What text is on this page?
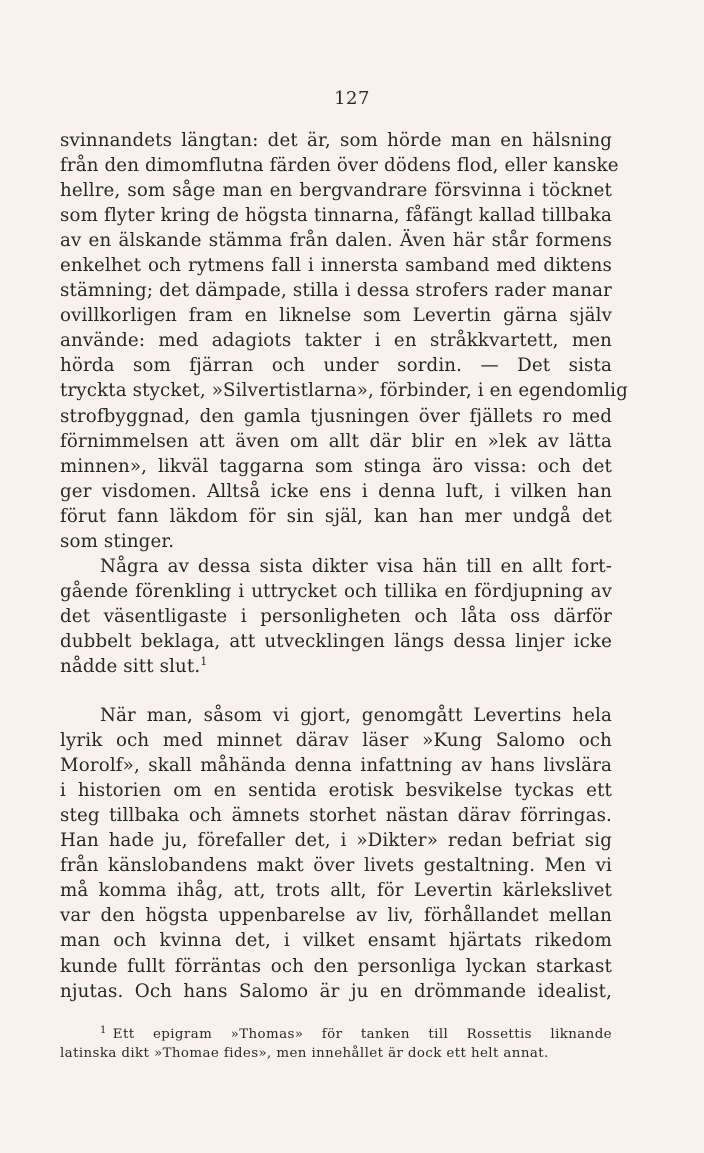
127
svinnandets längtan: det är, som hörde man en hälsning
från den dimomflutna färden över dödens flod, eller kanske
hellre, som såge man en bergvandrare försvinna i töcknet
som flyter kring de högsta tinnarna, fåfängt kallad tillbaka
av en älskande stämma från dalen. Även här står formens
enkelhet och rytmens fall i innersta samband med diktens
stämning; det dämpade, stilla i dessa strofers rader manar
ovillkorligen fram en liknelse som Levertin gärna själv
använde: med adagiots takter i en stråkkvartett, men
hörda som fjärran och under sordin. — Det sista
tryckta stycket, »Silvertistlarna», förbinder, i en egendomlig
strofbyggnad, den gamla tjusningen över fjällets ro med
förnimmelsen att även om allt där blir en »lek av lätta
minnen», likväl taggarna som stinga äro vissa: och det
ger visdomen. Alltså icke ens i denna luft, i vilken han
förut fann läkdom för sin själ, kan han mer undgå det
som stinger.
Några av dessa sista dikter visa hän till en allt fort-
gående förenkling i uttrycket och tillika en fördjupning av
det väsentligaste i personligheten och låta oss därför
dubbelt beklaga, att utvecklingen längs dessa linjer icke
nådde sitt slut.$^1$
När man, såsom vi gjort, genomgått Levertins hela
lyrik och med minnet därav läser »Kung Salomo och
Morolf», skall måhända denna infattning av hans livslära
i historien om en sentida erotisk besvikelse tyckas ett
steg tillbaka och ämnets storhet nästan därav förringas.
Han hade ju, förefaller det, i »Dikter» redan befriat sig
från känslobandens makt över livets gestaltning. Men vi
må komma ihåg, att, trots allt, för Levertin kärlekslivet
var den högsta uppenbarelse av liv, förhållandet mellan
man och kvinna det, i vilket ensamt hjärtats rikedom
kunde fullt förräntas och den personliga lyckan starkast
njutas. Och hans Salomo är ju en drömmande idealist,
$^1$ Ett epigram »Thomas» för tanken till Rossettis liknande
latinska dikt »Thomae fides», men innehållet är dock ett helt annat.
